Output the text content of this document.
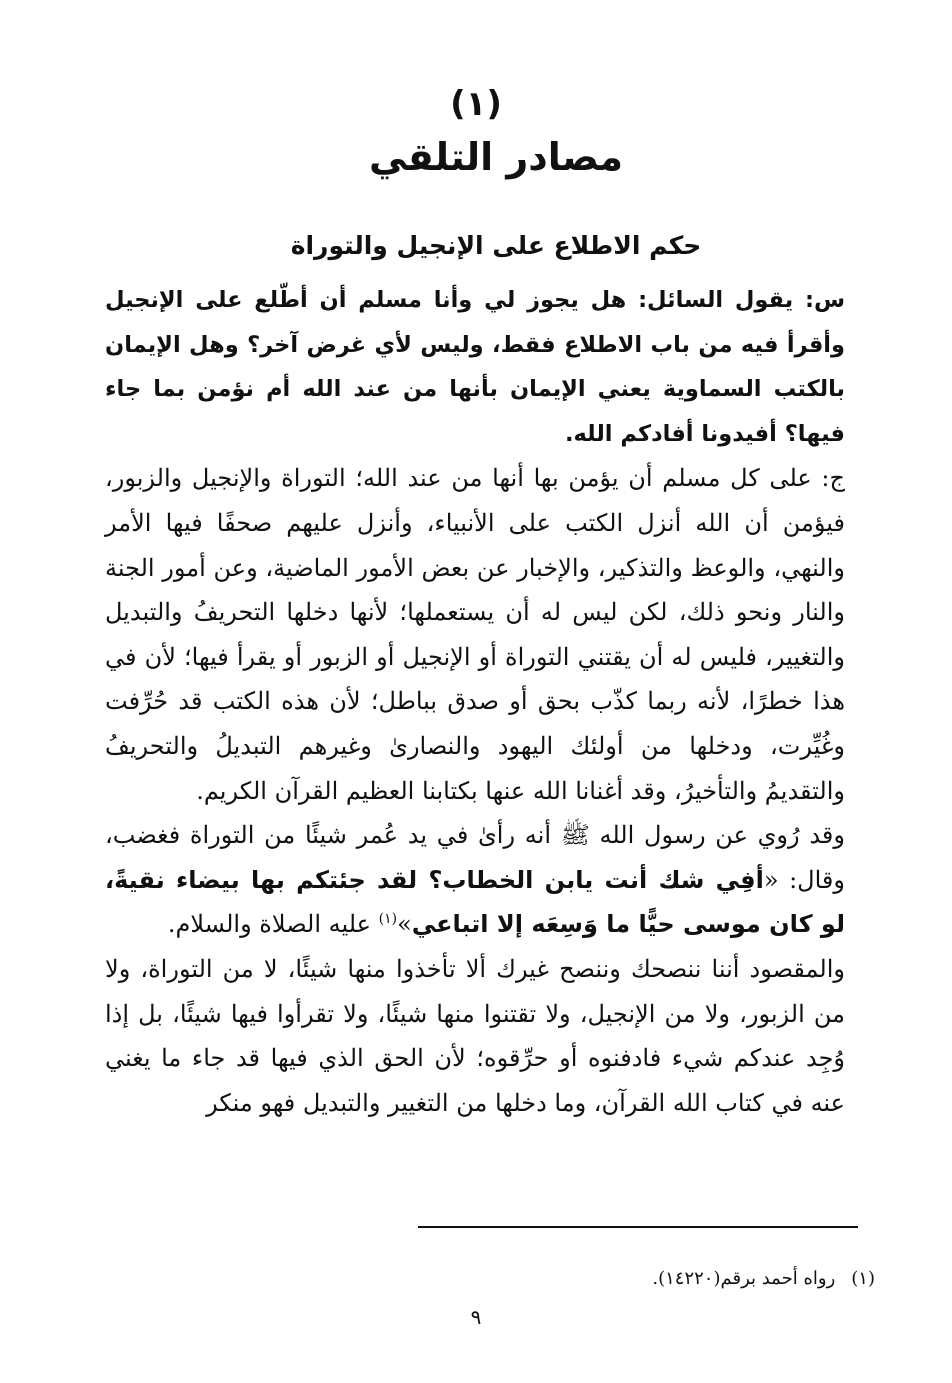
(١)
مصادر التلقي
حكم الاطلاع على الإنجيل والتوراة

س: يقول السائل: هل يجوز لي وأنا مسلم أن أطّلع على الإنجيل وأقرأ فيه من باب الاطلاع فقط، وليس لأي غرض آخر؟ وهل الإيمان بالكتب السماوية يعني الإيمان بأنها من عند الله أم نؤمن بما جاء فيها؟ أفيدونا أفادكم الله.

ج: على كل مسلم أن يؤمن بها أنها من عند الله؛ التوراة والإنجيل والزبور، فيؤمن أن الله أنزل الكتب على الأنبياء، وأنزل عليهم صحفًا فيها الأمر والنهي، والوعظ والتذكير، والإخبار عن بعض الأمور الماضية، وعن أمور الجنة والنار ونحو ذلك، لكن ليس له أن يستعملها؛ لأنها دخلها التحريفُ والتبديل والتغيير، فليس له أن يقتني التوراة أو الإنجيل أو الزبور أو يقرأ فيها؛ لأن في هذا خطرًا، لأنه ربما كذّب بحق أو صدق بباطل؛ لأن هذه الكتب قد حُرِّفت وغُيِّرت، ودخلها من أولئك اليهود والنصارىٰ وغيرهم التبديلُ والتحريفُ والتقديمُ والتأخيرُ، وقد أغنانا الله عنها بكتابنا العظيم القرآن الكريم.

وقد رُوي عن رسول الله ﷺ أنه رأىٰ في يد عُمر شيئًا من التوراة فغضب، وقال: «أفِي شك أنت يابن الخطاب؟ لقد جئتكم بها بيضاء نقيةً، لو كان موسى حيًّا ما وَسِعَه إلا اتباعي»$^{(١)}$ عليه الصلاة والسلام.

والمقصود أننا ننصحك وننصح غيرك ألا تأخذوا منها شيئًا، لا من التوراة، ولا من الزبور، ولا من الإنجيل، ولا تقتنوا منها شيئًا، ولا تقرأوا فيها شيئًا، بل إذا وُجِد عندكم شيء فادفنوه أو حرِّقوه؛ لأن الحق الذي فيها قد جاء ما يغني عنه في كتاب الله القرآن، وما دخلها من التغيير والتبديل فهو منكر

(١)رواه أحمد برقم(١٤٢٢٠).
٩
